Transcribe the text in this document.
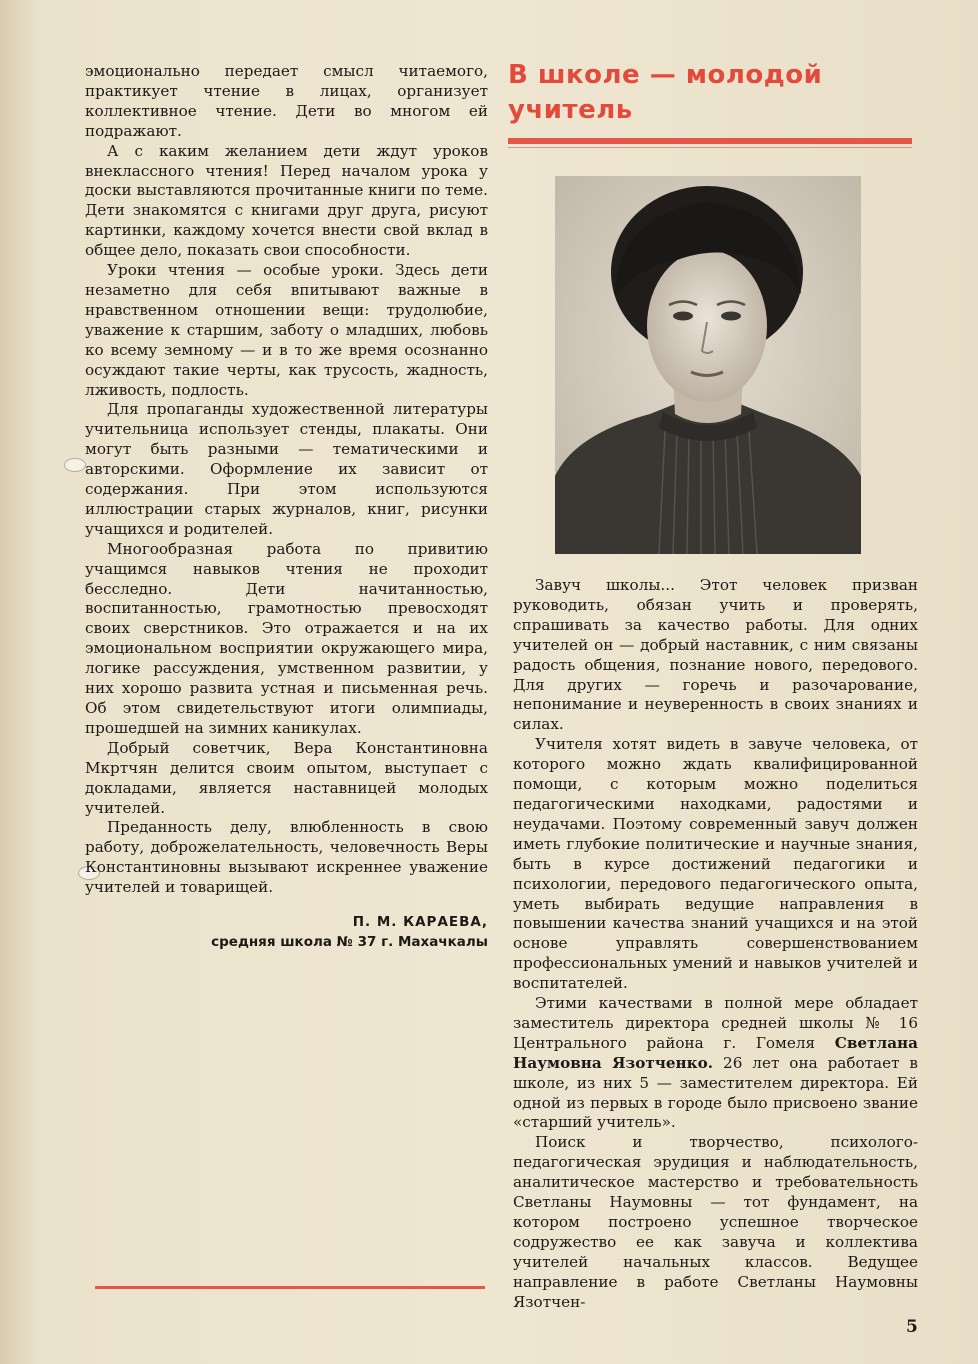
эмоционально передает смысл читаемого, практикует чтение в лицах, организует коллективное чтение. Дети во многом ей подражают.

А с каким желанием дети ждут уроков внеклассного чтения! Перед началом урока у доски выставляются прочитанные книги по теме. Дети знакомятся с книгами друг друга, рисуют картинки, каждому хочется внести свой вклад в общее дело, показать свои способности.

Уроки чтения — особые уроки. Здесь дети незаметно для себя впитывают важные в нравственном отношении вещи: трудолюбие, уважение к старшим, заботу о младших, любовь ко всему земному — и в то же время осознанно осуждают такие черты, как трусость, жадность, лживость, подлость.

Для пропаганды художественной литературы учительница использует стенды, плакаты. Они могут быть разными — тематическими и авторскими. Оформление их зависит от содержания. При этом используются иллюстрации старых журналов, книг, рисунки учащихся и родителей.

Многообразная работа по привитию учащимся навыков чтения не проходит бесследно. Дети начитанностью, воспитанностью, грамотностью превосходят своих сверстников. Это отражается и на их эмоциональном восприятии окружающего мира, логике рассуждения, умственном развитии, у них хорошо развита устная и письменная речь. Об этом свидетельствуют итоги олимпиады, прошедшей на зимних каникулах.

Добрый советчик, Вера Константиновна Мкртчян делится своим опытом, выступает с докладами, является наставницей молодых учителей.

Преданность делу, влюбленность в свою работу, доброжелательность, человечность Веры Константиновны вызывают искреннее уважение учителей и товарищей.

П. М. КАРАЕВА,
средняя школа № 37 г. Махачкалы
В школе — молодой
учитель

Завуч школы... Этот человек призван руководить, обязан учить и проверять, спрашивать за качество работы. Для одних учителей он — добрый наставник, с ним связаны радость общения, познание нового, передового. Для других — горечь и разочарование, непонимание и неуверенность в своих знаниях и силах.

Учителя хотят видеть в завуче человека, от которого можно ждать квалифицированной помощи, с которым можно поделиться педагогическими находками, радостями и неудачами. Поэтому современный завуч должен иметь глубокие политические и научные знания, быть в курсе достижений педагогики и психологии, передового педагогического опыта, уметь выбирать ведущие направления в повышении качества знаний учащихся и на этой основе управлять совершенствованием профессиональных умений и навыков учителей и воспитателей.

Этими качествами в полной мере обладает заместитель директора средней школы № 16 Центрального района г. Гомеля Светлана Наумовна Язотченко. 26 лет она работает в школе, из них 5 — заместителем директора. Ей одной из первых в городе было присвоено звание «старший учитель».

Поиск и творчество, психолого-педагогическая эрудиция и наблюдательность, аналитическое мастерство и требовательность Светланы Наумовны — тот фундамент, на котором построено успешное творческое содружество ее как завуча и коллектива учителей начальных классов. Ведущее направление в работе Светланы Наумовны Язотчен-

5
